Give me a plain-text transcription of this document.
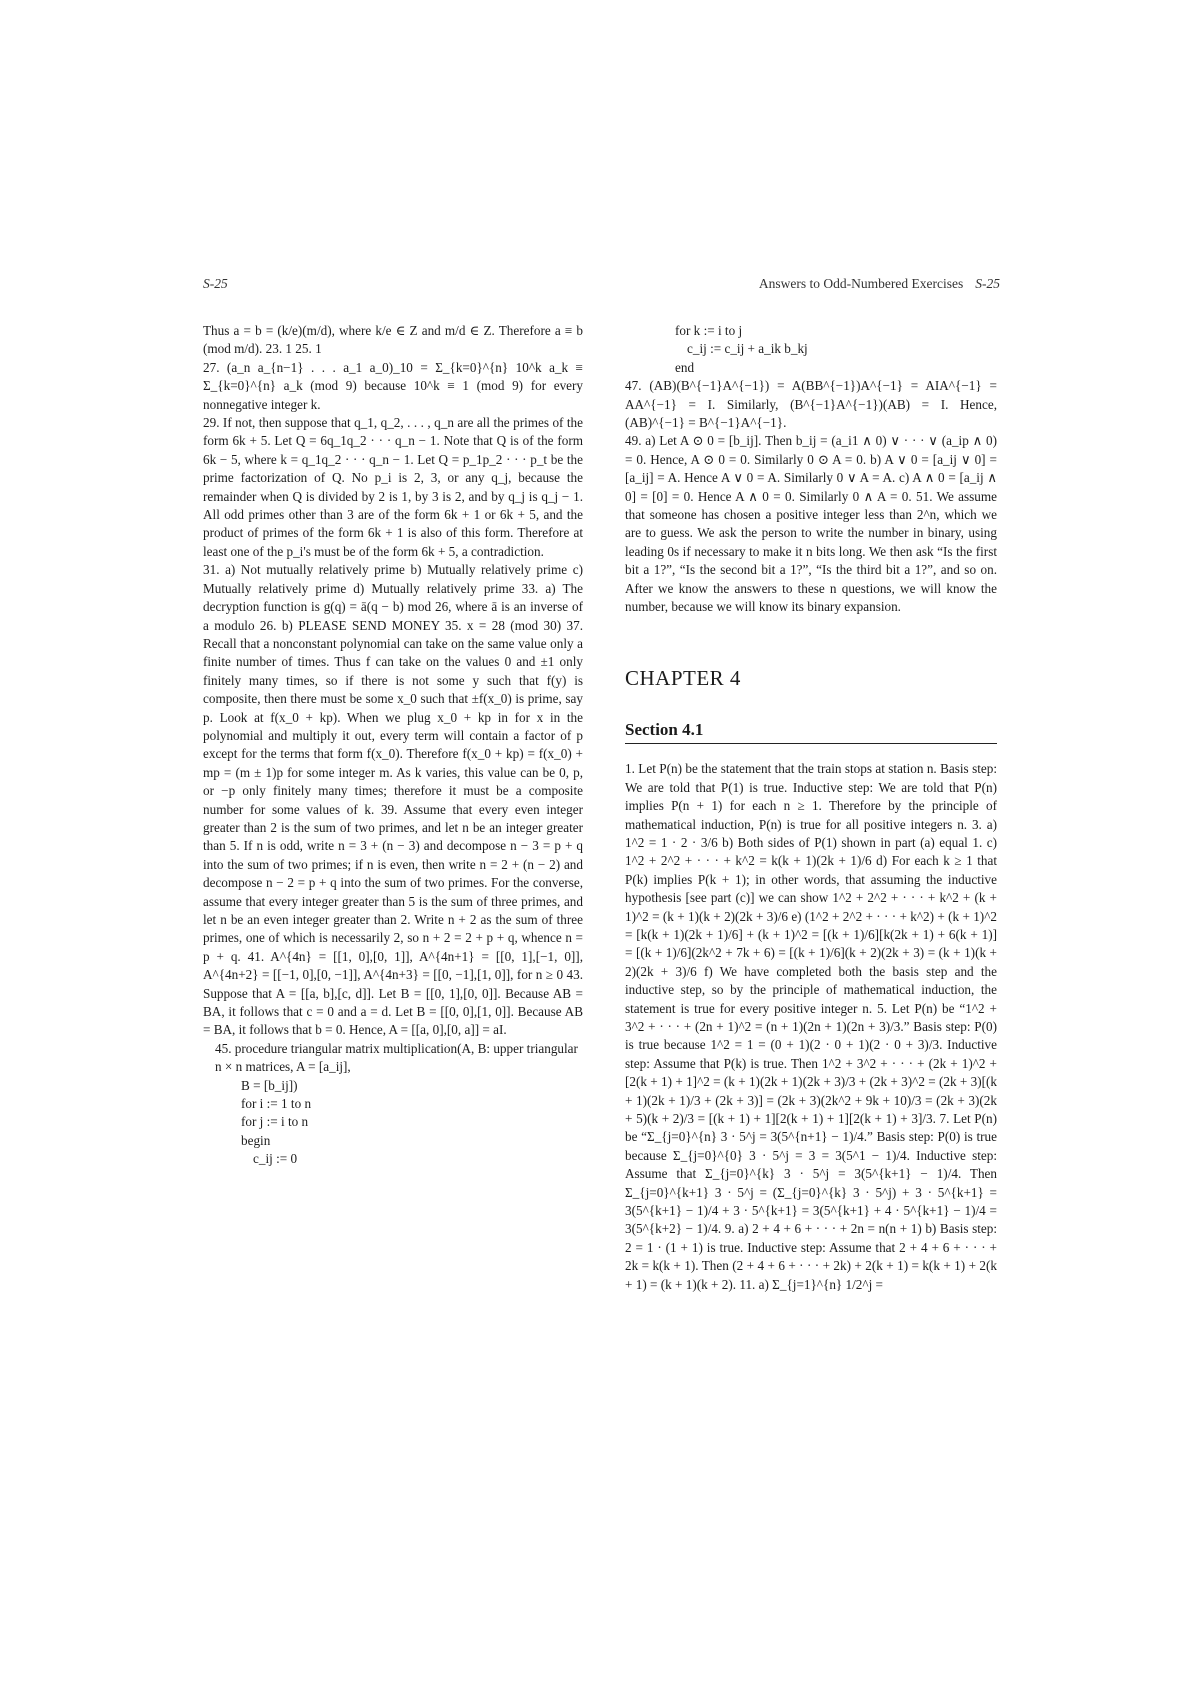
S-25	Answers to Odd-Numbered Exercises S-25

Thus a = b = (k/e)(m/d), where k/e ∈ Z and m/d ∈ Z. Therefore a ≡ b (mod m/d). 23. 1 25. 1

27. (a_n a_{n−1} . . . a_1 a_0)_10 = Σ_{k=0}^{n} 10^k a_k ≡ Σ_{k=0}^{n} a_k (mod 9) because 10^k ≡ 1 (mod 9) for every nonnegative integer k.

29. If not, then suppose that q_1, q_2, . . . , q_n are all the primes of the form 6k + 5. Let Q = 6q_1q_2 · · · q_n − 1. Note that Q is of the form 6k − 5, where k = q_1q_2 · · · q_n − 1. Let Q = p_1p_2 · · · p_t be the prime factorization of Q. No p_i is 2, 3, or any q_j, because the remainder when Q is divided by 2 is 1, by 3 is 2, and by q_j is q_j − 1. All odd primes other than 3 are of the form 6k + 1 or 6k + 5, and the product of primes of the form 6k + 1 is also of this form. Therefore at least one of the p_i's must be of the form 6k + 5, a contradiction.

31. a) Not mutually relatively prime b) Mutually relatively prime c) Mutually relatively prime d) Mutually relatively prime 33. a) The decryption function is g(q) = ā(q − b) mod 26, where ā is an inverse of a modulo 26. b) PLEASE SEND MONEY 35. x = 28 (mod 30) 37. Recall that a nonconstant polynomial can take on the same value only a finite number of times. Thus f can take on the values 0 and ±1 only finitely many times, so if there is not some y such that f(y) is composite, then there must be some x_0 such that ±f(x_0) is prime, say p. Look at f(x_0 + kp). When we plug x_0 + kp in for x in the polynomial and multiply it out, every term will contain a factor of p except for the terms that form f(x_0). Therefore f(x_0 + kp) = f(x_0) + mp = (m ± 1)p for some integer m. As k varies, this value can be 0, p, or −p only finitely many times; therefore it must be a composite number for some values of k. 39. Assume that every even integer greater than 2 is the sum of two primes, and let n be an integer greater than 5. If n is odd, write n = 3 + (n − 3) and decompose n − 3 = p + q into the sum of two primes; if n is even, then write n = 2 + (n − 2) and decompose n − 2 = p + q into the sum of two primes. For the converse, assume that every integer greater than 5 is the sum of three primes, and let n be an even integer greater than 2. Write n + 2 as the sum of three primes, one of which is necessarily 2, so n + 2 = 2 + p + q, whence n = p + q. 41. A^{4n} = [[1, 0],[0, 1]], A^{4n+1} = [[0, 1],[−1, 0]], A^{4n+2} = [[−1, 0],[0, −1]], A^{4n+3} = [[0, −1],[1, 0]], for n ≥ 0 43. Suppose that A = [[a, b],[c, d]]. Let B = [[0, 1],[0, 0]]. Because AB = BA, it follows that c = 0 and a = d. Let B = [[0, 0],[1, 0]]. Because AB = BA, it follows that b = 0. Hence, A = [[a, 0],[0, a]] = aI.

45. procedure triangular matrix multiplication(A, B: upper triangular n × n matrices, A = [a_ij],

B = [b_ij])

for i := 1 to n

for j := i to n

begin

c_ij := 0

for k := i to j

c_ij := c_ij + a_ik b_kj

end

47. (AB)(B^{−1}A^{−1}) = A(BB^{−1})A^{−1} = AIA^{−1} = AA^{−1} = I. Similarly, (B^{−1}A^{−1})(AB) = I. Hence, (AB)^{−1} = B^{−1}A^{−1}.

49. a) Let A ⊙ 0 = [b_ij]. Then b_ij = (a_i1 ∧ 0) ∨ · · · ∨ (a_ip ∧ 0) = 0. Hence, A ⊙ 0 = 0. Similarly 0 ⊙ A = 0. b) A ∨ 0 = [a_ij ∨ 0] = [a_ij] = A. Hence A ∨ 0 = A. Similarly 0 ∨ A = A. c) A ∧ 0 = [a_ij ∧ 0] = [0] = 0. Hence A ∧ 0 = 0. Similarly 0 ∧ A = 0. 51. We assume that someone has chosen a positive integer less than 2^n, which we are to guess. We ask the person to write the number in binary, using leading 0s if necessary to make it n bits long. We then ask “Is the first bit a 1?”, “Is the second bit a 1?”, “Is the third bit a 1?”, and so on. After we know the answers to these n questions, we will know the number, because we will know its binary expansion.

CHAPTER 4
Section 4.1

1. Let P(n) be the statement that the train stops at station n. Basis step: We are told that P(1) is true. Inductive step: We are told that P(n) implies P(n + 1) for each n ≥ 1. Therefore by the principle of mathematical induction, P(n) is true for all positive integers n. 3. a) 1^2 = 1 · 2 · 3/6 b) Both sides of P(1) shown in part (a) equal 1. c) 1^2 + 2^2 + · · · + k^2 = k(k + 1)(2k + 1)/6 d) For each k ≥ 1 that P(k) implies P(k + 1); in other words, that assuming the inductive hypothesis [see part (c)] we can show 1^2 + 2^2 + · · · + k^2 + (k + 1)^2 = (k + 1)(k + 2)(2k + 3)/6 e) (1^2 + 2^2 + · · · + k^2) + (k + 1)^2 = [k(k + 1)(2k + 1)/6] + (k + 1)^2 = [(k + 1)/6][k(2k + 1) + 6(k + 1)] = [(k + 1)/6](2k^2 + 7k + 6) = [(k + 1)/6](k + 2)(2k + 3) = (k + 1)(k + 2)(2k + 3)/6 f) We have completed both the basis step and the inductive step, so by the principle of mathematical induction, the statement is true for every positive integer n. 5. Let P(n) be “1^2 + 3^2 + · · · + (2n + 1)^2 = (n + 1)(2n + 1)(2n + 3)/3.” Basis step: P(0) is true because 1^2 = 1 = (0 + 1)(2 · 0 + 1)(2 · 0 + 3)/3. Inductive step: Assume that P(k) is true. Then 1^2 + 3^2 + · · · + (2k + 1)^2 + [2(k + 1) + 1]^2 = (k + 1)(2k + 1)(2k + 3)/3 + (2k + 3)^2 = (2k + 3)[(k + 1)(2k + 1)/3 + (2k + 3)] = (2k + 3)(2k^2 + 9k + 10)/3 = (2k + 3)(2k + 5)(k + 2)/3 = [(k + 1) + 1][2(k + 1) + 1][2(k + 1) + 3]/3. 7. Let P(n) be “Σ_{j=0}^{n} 3 · 5^j = 3(5^{n+1} − 1)/4.” Basis step: P(0) is true because Σ_{j=0}^{0} 3 · 5^j = 3 = 3(5^1 − 1)/4. Inductive step: Assume that Σ_{j=0}^{k} 3 · 5^j = 3(5^{k+1} − 1)/4. Then Σ_{j=0}^{k+1} 3 · 5^j = (Σ_{j=0}^{k} 3 · 5^j) + 3 · 5^{k+1} = 3(5^{k+1} − 1)/4 + 3 · 5^{k+1} = 3(5^{k+1} + 4 · 5^{k+1} − 1)/4 = 3(5^{k+2} − 1)/4. 9. a) 2 + 4 + 6 + · · · + 2n = n(n + 1) b) Basis step: 2 = 1 · (1 + 1) is true. Inductive step: Assume that 2 + 4 + 6 + · · · + 2k = k(k + 1). Then (2 + 4 + 6 + · · · + 2k) + 2(k + 1) = k(k + 1) + 2(k + 1) = (k + 1)(k + 2). 11. a) Σ_{j=1}^{n} 1/2^j =
